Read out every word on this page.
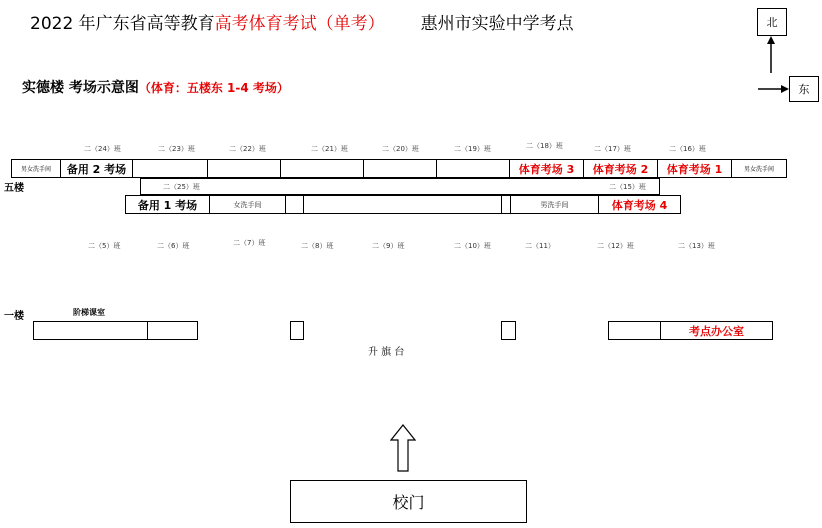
2022 年广东省高等教育高考体育考试（单考） 惠州市实验中学考点
实德楼 考场示意图（体育：五楼东 1-4 考场）
北
东
二（24）班	二（23）班	二（22）班	二（21）班	二（20）班	二（19）班	二（18）班	二（17）班	二（16）班
男女洗手间 备用 2 考场	体育考场 3 体育考场 2 体育考场 1	男女洗手间
五楼	二（25）班	二（15）班
备用 1 考场	女洗手间	男洗手间	体育考场 4
二（5）班	二（6）班	二（7）班	二（8）班	二（9）班	二（10）班	二（11）	二（12）班	二（13）班
一楼	阶梯课室
考点办公室
升 旗 台
校门
